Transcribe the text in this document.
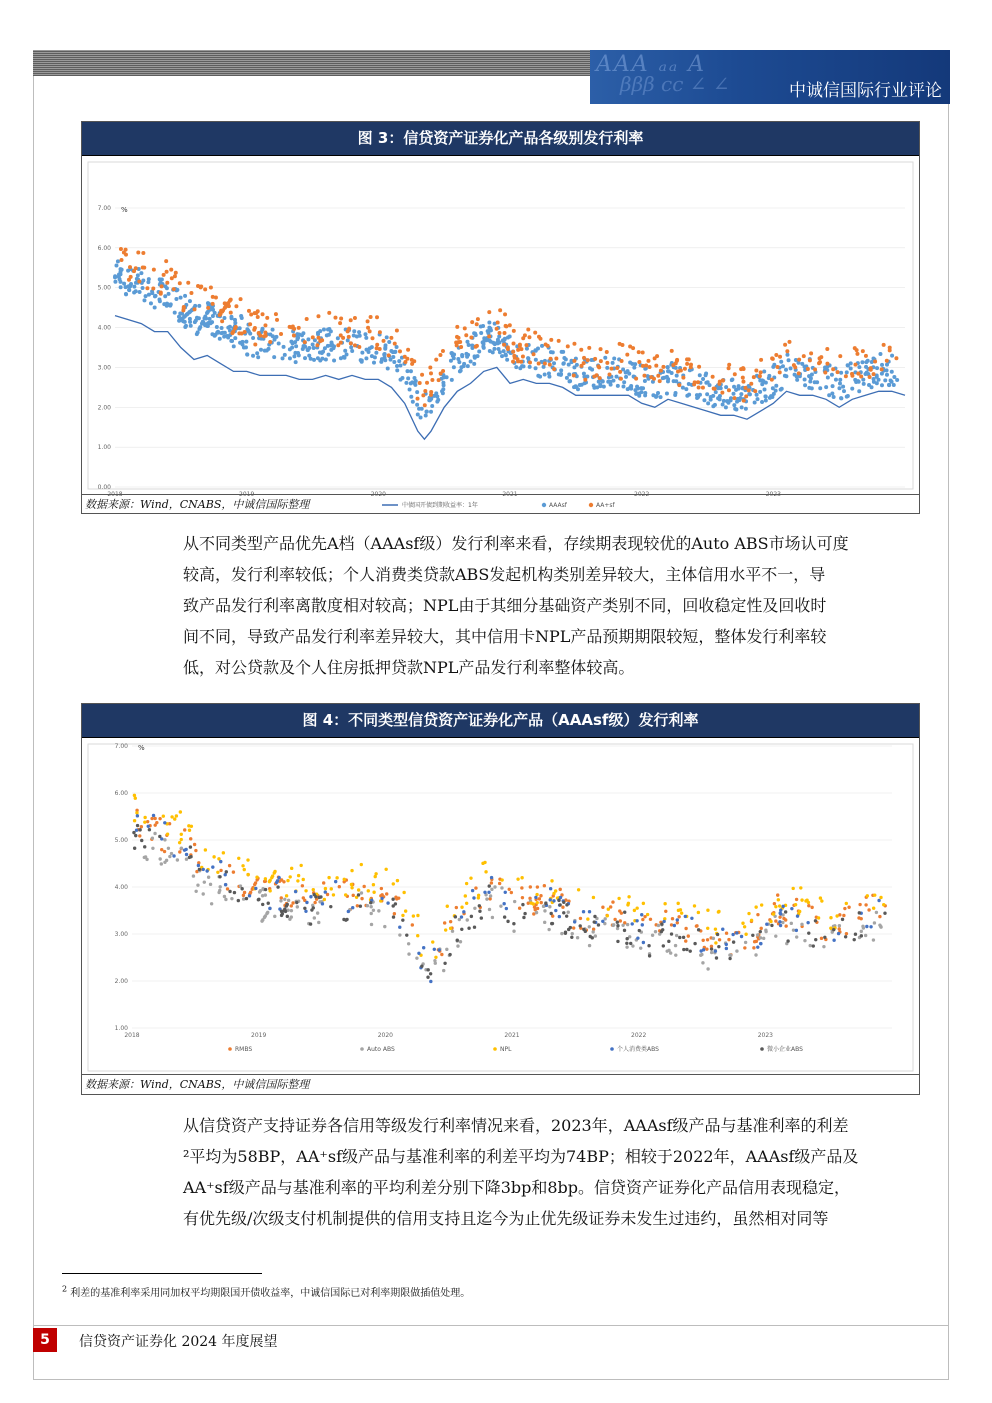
ΑΑΑ ₐₐ A
βββ cc ∠ ∠	中诚信国际行业评论
图 3：信贷资产证券化产品各级别发行利率
0.00
1.00
2.00
3.00
4.00
5.00
6.00
7.00 %
2018	2019	2020	2021	2022	2023
中债国开债到期收益率：1年	AAAsf	AA+sf
数据来源：Wind，CNABS，中诚信国际整理
从不同类型产品优先A档（AAAsf级）发行利率来看，存续期表现较优的Auto ABS市场认可度
较高，发行利率较低；个人消费类贷款ABS发起机构类别差异较大，主体信用水平不一，导
致产品发行利率离散度相对较高；NPL由于其细分基础资产类别不同，回收稳定性及回收时
间不同，导致产品发行利率差异较大，其中信用卡NPL产品预期期限较短，整体发行利率较
低，对公贷款及个人住房抵押贷款NPL产品发行利率整体较高。
图 4：不同类型信贷资产证券化产品（AAAsf级）发行利率
1.00
2.00
3.00
4.00
5.00
6.00
7.00 %
2018	2019	2020	2021	2022	2023
RMBS	Auto ABS	NPL	个人消费类ABS	微小企业ABS
数据来源：Wind，CNABS，中诚信国际整理
从信贷资产支持证券各信用等级发行利率情况来看，2023年，AAAsf级产品与基准利率的利差
²平均为58BP，AA⁺sf级产品与基准利率的利差平均为74BP；相较于2022年，AAAsf级产品及
AA⁺sf级产品与基准利率的平均利差分别下降3bp和8bp。信贷资产证券化产品信用表现稳定，
有优先级/次级支付机制提供的信用支持且迄今为止优先级证券未发生过违约，虽然相对同等
$^2$ 利差的基准利率采用同加权平均期限国开债收益率，中诚信国际已对利率期限做插值处理。
5	信贷资产证券化 2024 年度展望
